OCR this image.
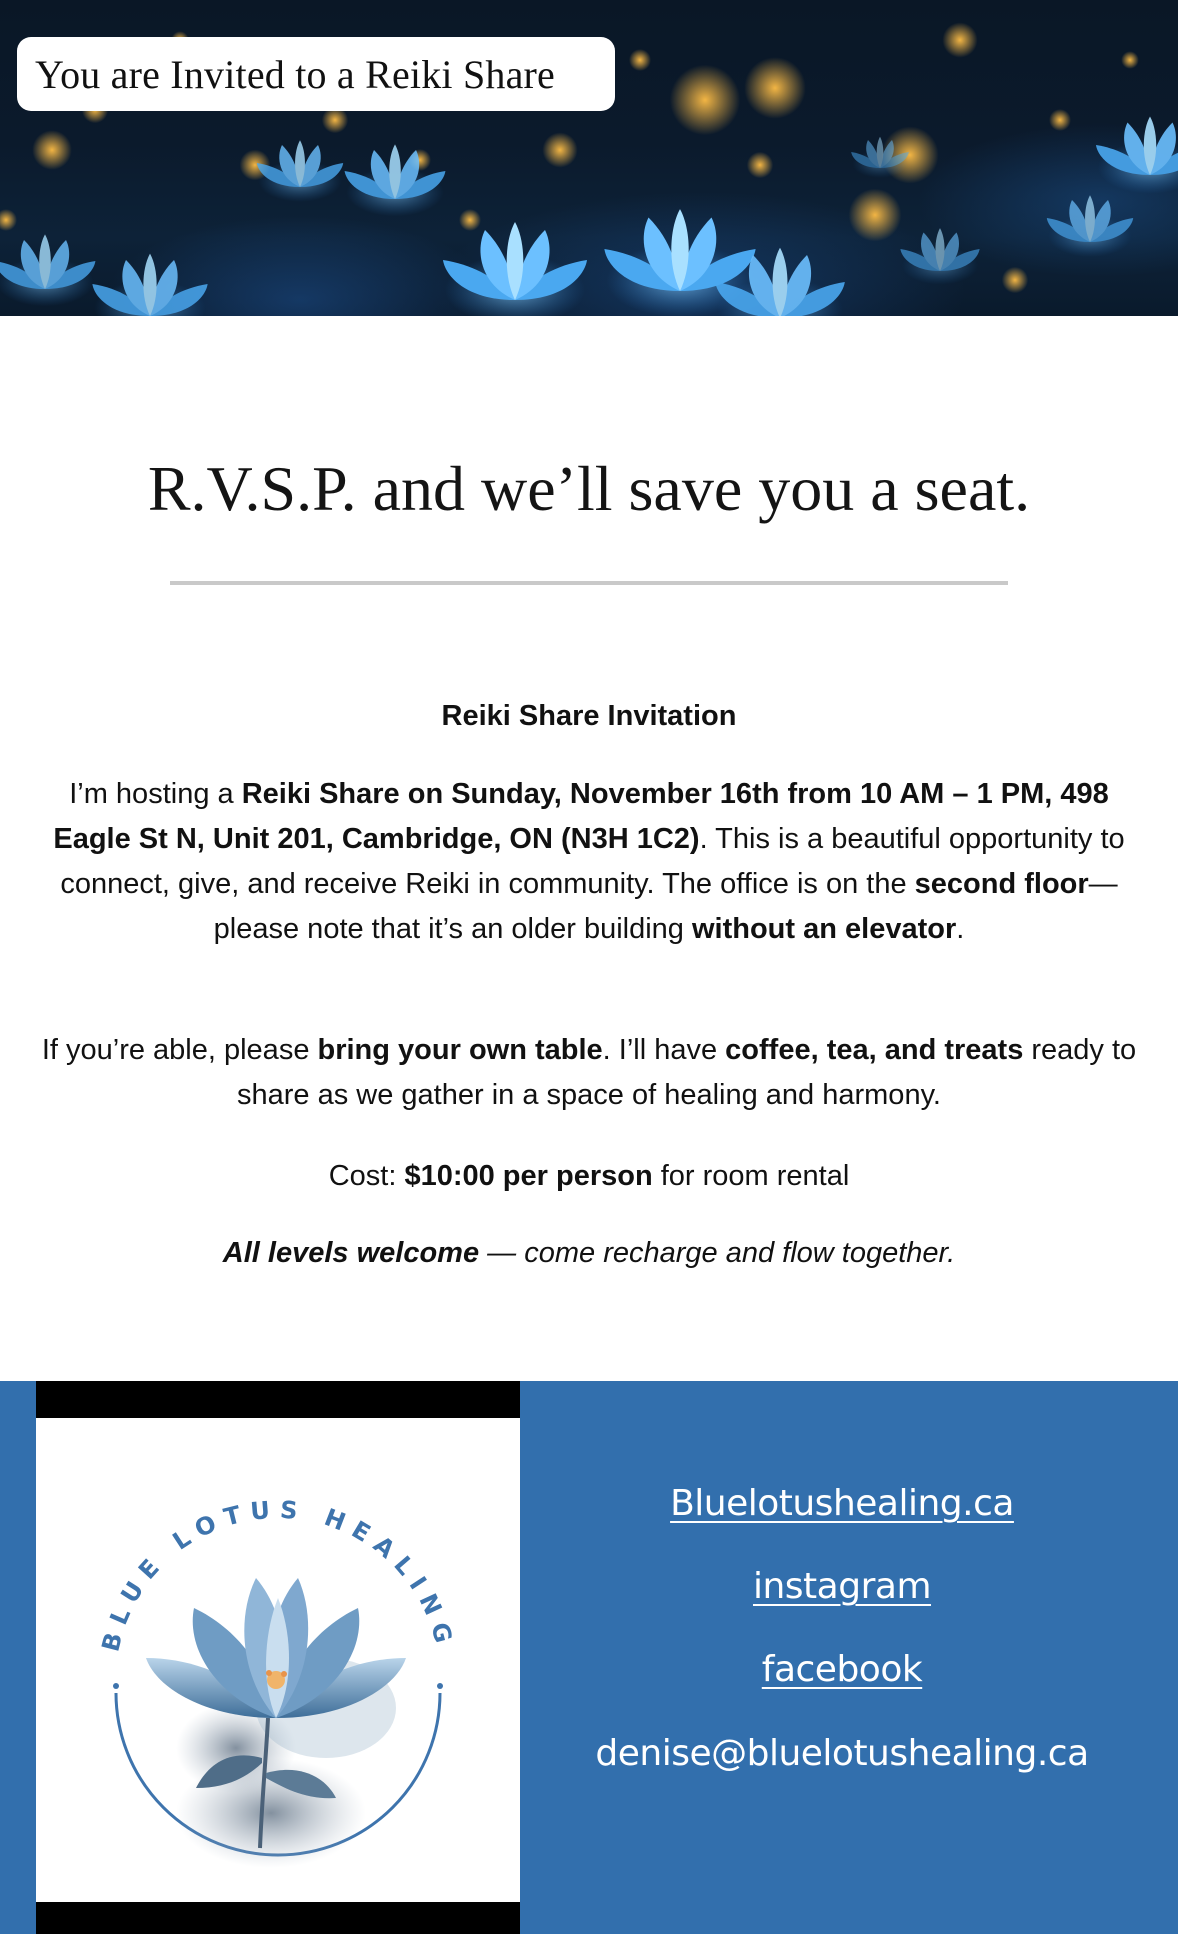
You are Invited to a Reiki Share
R.V.S.P. and we’ll save you a seat.
Reiki Share Invitation
I’m hosting a Reiki Share on Sunday, November 16th from 10 AM – 1 PM, 498 Eagle St N, Unit 201, Cambridge, ON (N3H 1C2). This is a beautiful opportunity to connect, give, and receive Reiki in community. The office is on the second floor—please note that it’s an older building without an elevator.
If you’re able, please bring your own table. I’ll have coffee, tea, and treats ready to share as we gather in a space of healing and harmony.
Cost: $10:00 per person for room rental
All levels welcome — come recharge and flow together.
BLUE LOTUS HEALING
Bluelotushealing.ca
instagram
facebook
denise@bluelotushealing.ca
